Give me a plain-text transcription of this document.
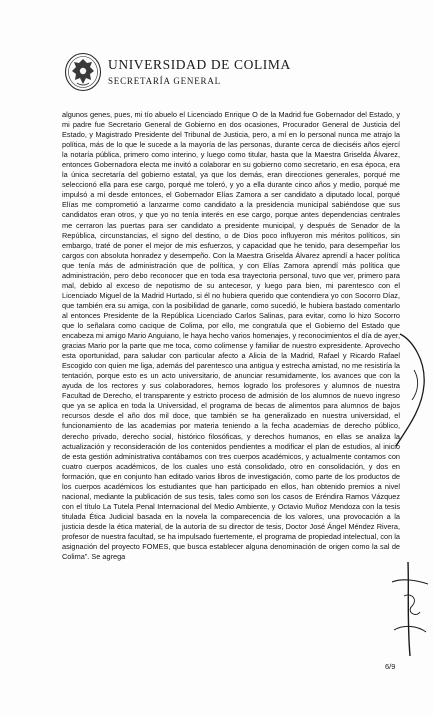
UNIVERSIDAD DE COLIMA
SECRETARÍA GENERAL

algunos genes, pues, mi tío abuelo el Licenciado Enrique O de la Madrid fue Gobernador del Estado, y mi padre fue Secretario General de Gobierno en dos ocasiones, Procurador General de Justicia del Estado, y Magistrado Presidente del Tribunal de Justicia, pero, a mí en lo personal nunca me atrajo la política, más de lo que le sucede a la mayoría de las personas, durante cerca de dieciséis años ejercí la notaría pública, primero como interino, y luego como titular, hasta que la Maestra Griselda Álvarez, entonces Gobernadora electa me invitó a colaborar en su gobierno como secretario, en esa época, era la única secretaría del gobierno estatal, ya que los demás, eran direcciones generales, porqué me seleccionó ella para ese cargo, porqué me toleró, y yo a ella durante cinco años y medio, porqué me impulsó a mí desde entonces, el Gobernador Elías Zamora a ser candidato a diputado local, porqué Elías me comprometió a lanzarme como candidato a la presidencia municipal sabiéndose que sus candidatos eran otros, y que yo no tenía interés en ese cargo, porque antes dependencias centrales me cerraron las puertas para ser candidato a presidente municipal, y después de Senador de la República, circunstancias, el signo del destino, o de Dios poco influyeron mis méritos políticos, sin embargo, traté de poner el mejor de mis esfuerzos, y capacidad que he tenido, para desempeñar los cargos con absoluta honradez y desempeño. Con la Maestra Griselda Álvarez aprendí a hacer política que tenía más de administración que de política, y con Elías Zamora aprendí más política que administración, pero debo reconocer que en toda esa trayectoria personal, tuvo que ver, primero para mal, debido al exceso de nepotismo de su antecesor, y luego para bien, mi parentesco con el Licenciado Miguel de la Madrid Hurtado, si él no hubiera querido que contendiera yo con Socorro Díaz, que también era su amiga, con la posibilidad de ganarle, como sucedió, le hubiera bastado comentarlo al entonces Presidente de la República Licenciado Carlos Salinas, para evitar, como lo hizo Socorro que lo señalara como cacique de Colima, por ello, me congratula que el Gobierno del Estado que encabeza mi amigo Mario Anguiano, le haya hecho varios homenajes, y reconocimientos el día de ayer, gracias Mario por la parte que me toca, como colimense y familiar de nuestro expresidente. Aprovecho esta oportunidad, para saludar con particular afecto a Alicia de la Madrid, Rafael y Ricardo Rafael Escogido con quien me liga, además del parentesco una antigua y estrecha amistad, no me resistiría la tentación, porque esto es un acto universitario, de anunciar resumidamente, los avances que con la ayuda de los rectores y sus colaboradores, hemos logrado los profesores y alumnos de nuestra Facultad de Derecho, el transparente y estricto proceso de admisión de los alumnos de nuevo ingreso que ya se aplica en toda la Universidad, el programa de becas de alimentos para alumnos de bajos recursos desde el año dos mil doce, que también se ha generalizado en nuestra universidad, el funcionamiento de las academias por materia teniendo a la fecha academias de derecho público, derecho privado, derecho social, histórico filosóficas, y derechos humanos, en ellas se analiza la actualización y reconsideración de los contenidos pendientes a modificar el plan de estudios, al inicio de esta gestión administrativa contábamos con tres cuerpos académicos, y actualmente contamos con cuatro cuerpos académicos, de los cuales uno está consolidado, otro en consolidación, y dos en formación, que en conjunto han editado varios libros de investigación, como parte de los productos de los cuerpos académicos los estudiantes que han participado en ellos, han obtenido premios a nivel nacional, mediante la publicación de sus tesis, tales como son los casos de Eréndira Ramos Vázquez con el título La Tutela Penal Internacional del Medio Ambiente, y Octavio Muñoz Mendoza con la tesis titulada Ética Judicial basada en la novela la comparecencia de los valores, una provocación a la justicia desde la ética material, de la autoría de su director de tesis, Doctor José Ángel Méndez Rivera, profesor de nuestra facultad, se ha impulsado fuertemente, el programa de propiedad intelectual, con la asignación del proyecto FOMES, que busca establecer alguna denominación de origen como la sal de Colima”. Se agrega

6/9
